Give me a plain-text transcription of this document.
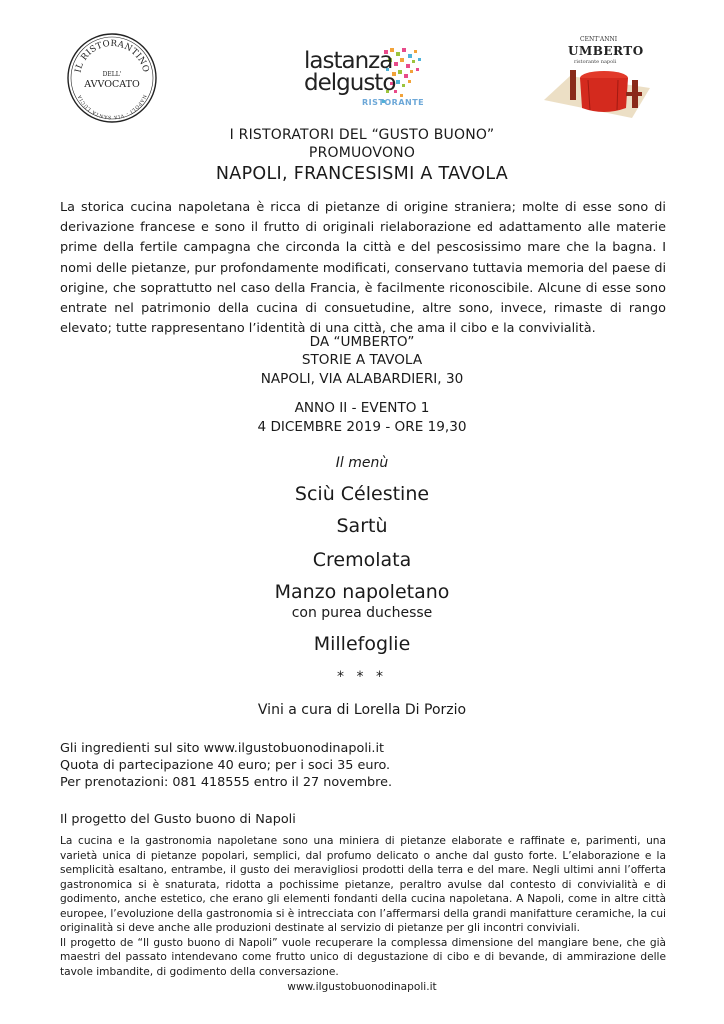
IL RISTORANTINO
NAPOLI - VIA SANTA LUCIA
DELL'
AVVOCATO
lastanza
delgusto
RISTORANTE
CENT'ANNI
UMBERTO
ristorante napoli
I RISTORATORI DEL “GUSTO BUONO”
PROMUOVONO
NAPOLI, FRANCESISMI A TAVOLA
La storica cucina napoletana è ricca di pietanze di origine straniera; molte di esse sono di derivazione francese e sono il frutto di originali rielaborazione ed adattamento alle materie prime della fertile campagna che circonda la città e del pescosissimo mare che la bagna. I nomi delle pietanze, pur profondamente modificati, conservano tuttavia memoria del paese di origine, che soprattutto nel caso della Francia, è facilmente riconoscibile. Alcune di esse sono entrate nel patrimonio della cucina di consuetudine, altre sono, invece, rimaste di rango elevato; tutte rappresentano l’identità di una città, che ama il cibo e la convivialità.
DA “UMBERTO”
STORIE A TAVOLA
NAPOLI, VIA ALABARDIERI, 30
ANNO II - EVENTO 1
4 DICEMBRE 2019 - ORE 19,30
Il menù
Sciù Célestine
Sartù
Cremolata
Manzo napoletano
con purea duchesse
Millefoglie
* * *
Vini a cura di Lorella Di Porzio
Gli ingredienti sul sito www.ilgustobuonodinapoli.it
Quota di partecipazione 40 euro; per i soci 35 euro.
Per prenotazioni: 081 418555 entro il 27 novembre.
Il progetto del Gusto buono di Napoli
La cucina e la gastronomia napoletane sono una miniera di pietanze elaborate e raffinate e, parimenti, una varietà unica di pietanze popolari, semplici, dal profumo delicato o anche dal gusto forte. L’elaborazione e la semplicità esaltano, entrambe, il gusto dei meravigliosi prodotti della terra e del mare. Negli ultimi anni l’offerta gastronomica si è snaturata, ridotta a pochissime pietanze, peraltro avulse dal contesto di convivialità e di godimento, anche estetico, che erano gli elementi fondanti della cucina napoletana. A Napoli, come in altre città europee, l’evoluzione della gastronomia si è intrecciata con l’affermarsi della grandi manifatture ceramiche, la cui originalità si deve anche alle produzioni destinate al servizio di pietanze per gli incontri conviviali.
Il progetto de “Il gusto buono di Napoli” vuole recuperare la complessa dimensione del mangiare bene, che già maestri del passato intendevano come frutto unico di degustazione di cibo e di bevande, di ammirazione delle tavole imbandite, di godimento della conversazione.
www.ilgustobuonodinapoli.it
